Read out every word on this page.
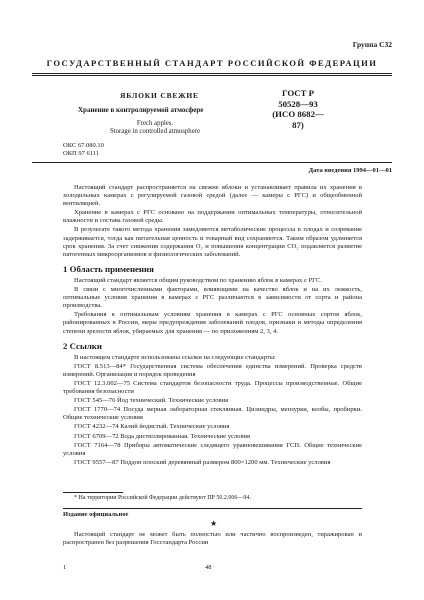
Группа С32
ГОСУДАРСТВЕННЫЙ СТАНДАРТ РОССИЙСКОЙ ФЕДЕРАЦИИ
ЯБЛОКИ СВЕЖИЕ
Хранение в контролируемой атмосфере
Frech apples.
Storage in controlled atmosphere
ГОСТ Р
50528—93
(ИСО 8682—87)
ОКС 67.080.10
ОКП 97 6111
Дата введения 1994—01—01

Настоящий стандарт распространяется на свежие яблоки и устанавливает правила их хранения в холодильных камерах с регулируемой газовой средой (далее — камеры с РГС) и общеобменной вентиляцией.

Хранение в камерах с РГС основано на поддержании оптимальных температуры, относительной влажности и состава газовой среды.

В результате такого метода хранения замедляются метаболические процессы в плодах и созревание задерживается, тогда как питательная ценность и товарный вид сохраняются. Таким образом удлиняется срок хранения. За счет снижения содержания O₂ и повышения концентрации CO₂ подавляется развитие патогенных микроорганизмов и физиологических заболеваний.

1 Область применения

Настоящий стандарт является общим руководством по хранению яблок в камерах с РГС.

В связи с многочисленными факторами, влияющими на качество яблок и на их лежкость, оптимальные условия хранения в камерах с РГС различаются в зависимости от сорта и района производства.

Требования к оптимальным условиям хранения в камерах с РГС основных сортов яблок, районированных в России, меры предупреждения заболеваний плодов, признаки и методы определения степени зрелости яблок, убираемых для хранения — по приложениям 2, 3, 4.

2 Ссылки

В настоящем стандарте использованы ссылки на следующие стандарты:

ГОСТ 8.513—84* Государственная система обеспечения единства измерений. Проверка средств измерений. Организация и порядок проведения

ГОСТ 12.3.002—75 Система стандартов безопасности труда. Процессы производственные. Общие требования безопасности

ГОСТ 545—76 Йод технический. Технические условия

ГОСТ 1770—74 Посуда мерная лабораторная стеклянная. Цилиндры, мензурки, колбы, пробирки. Общие технические условия

ГОСТ 4232—74 Калий йодистый. Технические условия

ГОСТ 6709—72 Вода дистиллированная. Технические условия

ГОСТ 7164—78 Приборы автоматические следящего уравновешивания ГСП. Общие технические условия

ГОСТ 9557—87 Поддон плоский деревянный размером 800×1200 мм. Технические условия

* На территории Российской Федерации действуют ПР 50.2.006—94.
Издание официальное
★
Настоящий стандарт не может быть полностью или частично воспроизведен, тиражирован и распространен без разрешения Госстандарта России
1	48
